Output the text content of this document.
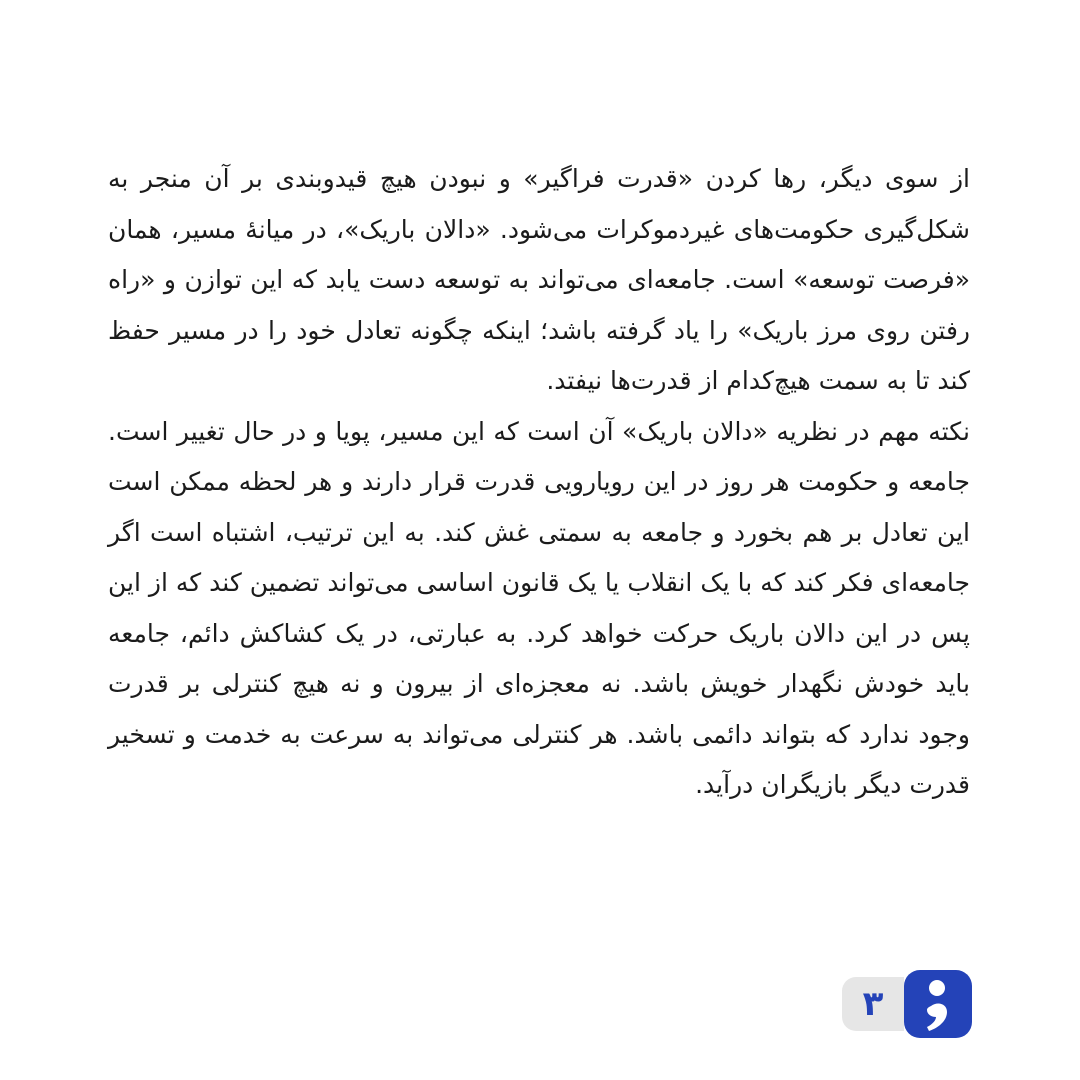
از سوی دیگر، رها کردن «قدرت فراگیر» و نبودن هیچ قیدوبندی بر آن منجر به شکل‌گیری حکومت‌های غیردموکرات می‌شود. «دالان باریک»، در میانهٔ مسیر، همان «فرصت توسعه» است. جامعه‌ای می‌تواند به توسعه دست یابد که این توازن و «راه رفتن روی مرز باریک» را یاد گرفته باشد؛ اینکه چگونه تعادل خود را در مسیر حفظ کند تا به سمت هیچ‌کدام از قدرت‌ها نیفتد.

نکته مهم در نظریه «دالان باریک» آن است که این مسیر، پویا و در حال تغییر است. جامعه و حکومت هر روز در این رویارویی قدرت قرار دارند و هر لحظه ممکن است این تعادل بر هم بخورد و جامعه به سمتی غش کند. به این ترتیب، اشتباه است اگر جامعه‌ای فکر کند که با یک انقلاب یا یک قانون اساسی می‌تواند تضمین کند که از این پس در این دالان باریک حرکت خواهد کرد. به عبارتی، در یک کشاکش دائم، جامعه باید خودش نگهدار خویش باشد. نه معجزه‌ای از بیرون و نه هیچ کنترلی بر قدرت وجود ندارد که بتواند دائمی باشد. هر کنترلی می‌تواند به سرعت به خدمت و تسخیر قدرت دیگر بازیگران درآید.

۳
